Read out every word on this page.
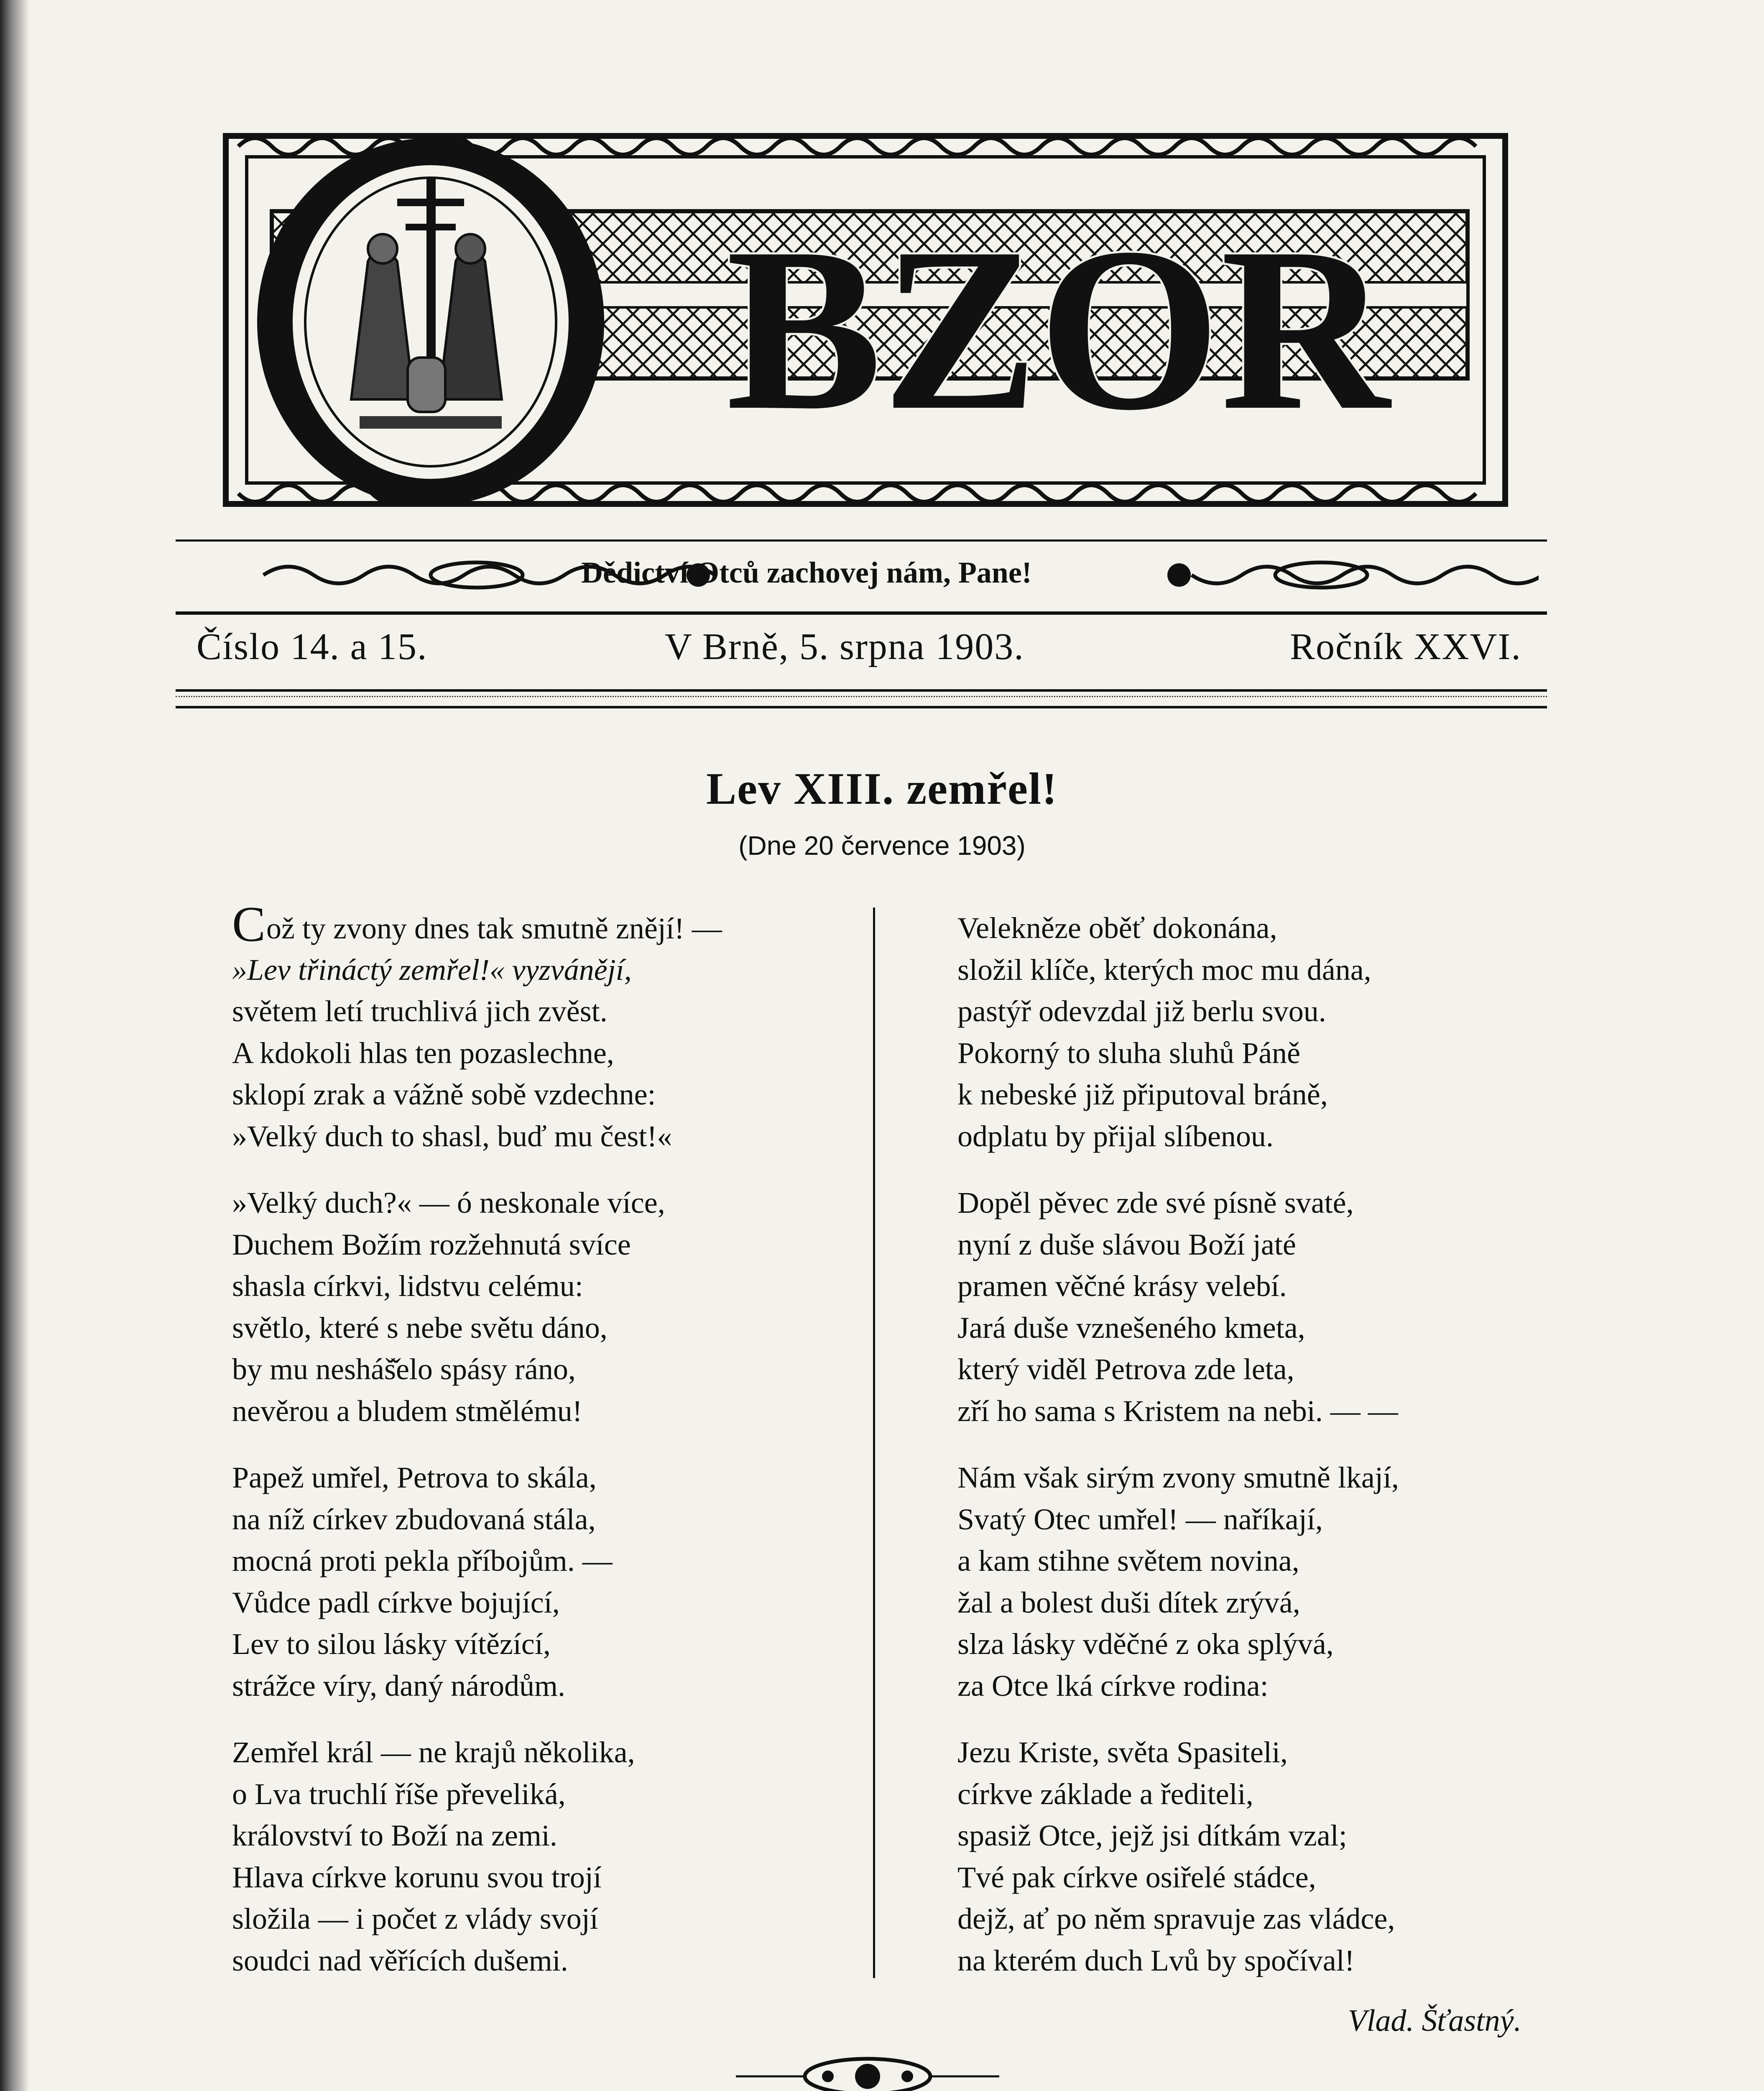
BZOR
Dědictví Otců zachovej nám, Pane!
Číslo 14. a 15.	V Brně, 5. srpna 1903.	Ročník XXVI.
Lev XIII. zemřel!
(Dne 20 července 1903)
Což ty zvony dnes tak smutně znějí! —
»Lev třináctý zemřel!« vyzvánějí,
světem letí truchlivá jich zvěst.
A kdokoli hlas ten pozaslechne,
sklopí zrak a vážně sobě vzdechne:
»Velký duch to shasl, buď mu čest!«
»Velký duch?« — ó neskonale více,
Duchem Božím rozžehnutá svíce
shasla církvi, lidstvu celému:
světlo, které s nebe světu dáno,
by mu nesháš̌elo spásy ráno,
nevěrou a bludem stmělému!
Papež umřel, Petrova to skála,
na níž církev zbudovaná stála,
mocná proti pekla příbojům. —
Vůdce padl církve bojující,
Lev to silou lásky vítězící,
strážce víry, daný národům.
Zemřel král — ne krajů několika,
o Lva truchlí říše převeliká,
království to Boží na zemi.
Hlava církve korunu svou trojí
složila — i počet z vlády svojí
soudci nad věřících dušemi.
Velekněze oběť dokonána,
složil klíče, kterých moc mu dána,
pastýř odevzdal již berlu svou.
Pokorný to sluha sluhů Páně
k nebeské již připutoval bráně,
odplatu by přijal slíbenou.
Dopěl pěvec zde své písně svaté,
nyní z duše slávou Boží jaté
pramen věčné krásy velebí.
Jará duše vznešeného kmeta,
který viděl Petrova zde leta,
zří ho sama s Kristem na nebi. — —
Nám však sirým zvony smutně lkají,
Svatý Otec umřel! — naříkají,
a kam stihne světem novina,
žal a bolest duši dítek zrývá,
slza lásky vděčné z oka splývá,
za Otce lká církve rodina:
Jezu Kriste, světa Spasiteli,
církve základe a řediteli,
spasiž Otce, jejž jsi dítkám vzal;
Tvé pak církve osiřelé stádce,
dejž, ať po něm spravuje zas vládce,
na kterém duch Lvů by spočíval!
Vlad. Šťastný.
